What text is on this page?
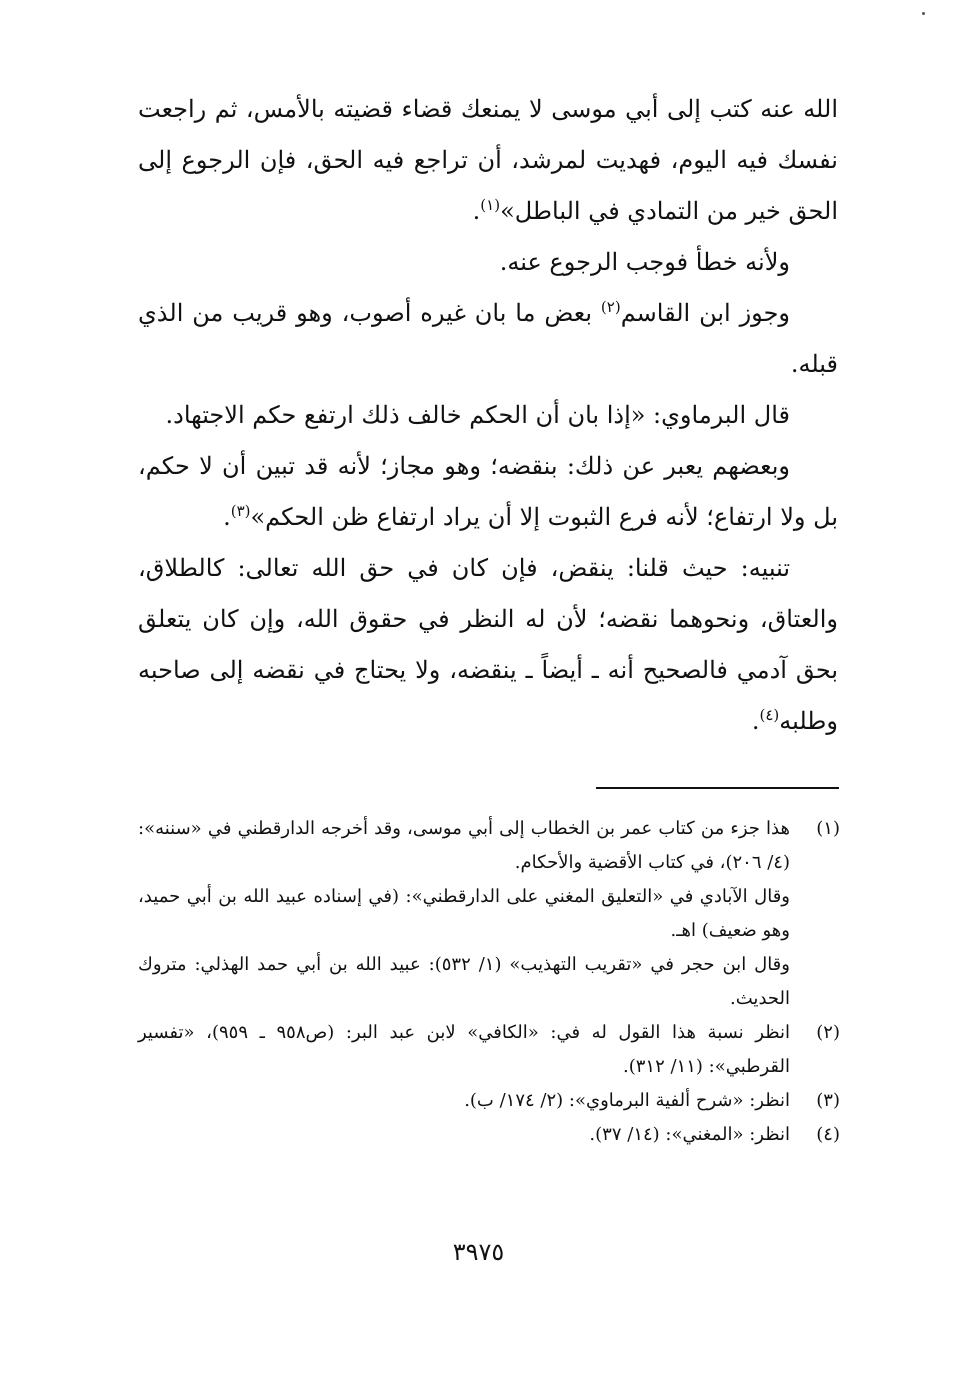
الله عنه كتب إلى أبي موسى لا يمنعك قضاء قضيته بالأمس، ثم راجعت نفسك فيه اليوم، فهديت لمرشد، أن تراجع فيه الحق، فإن الرجوع إلى الحق خير من التمادي في الباطل»$^{(١)}$.

ولأنه خطأ فوجب الرجوع عنه.

وجوز ابن القاسم$^{(٢)}$ بعض ما بان غيره أصوب، وهو قريب من الذي قبله.

قال البرماوي: «إذا بان أن الحكم خالف ذلك ارتفع حكم الاجتهاد.

وبعضهم يعبر عن ذلك: بنقضه؛ وهو مجاز؛ لأنه قد تبين أن لا حكم، بل ولا ارتفاع؛ لأنه فرع الثبوت إلا أن يراد ارتفاع ظن الحكم»$^{(٣)}$.

تنبيه: حيث قلنا: ينقض، فإن كان في حق الله تعالى: كالطلاق، والعتاق، ونحوهما نقضه؛ لأن له النظر في حقوق الله، وإن كان يتعلق بحق آدمي فالصحيح أنه ـ أيضاً ـ ينقضه، ولا يحتاج في نقضه إلى صاحبه وطلبه$^{(٤)}$.

(١)

هذا جزء من كتاب عمر بن الخطاب إلى أبي موسى، وقد أخرجه الدارقطني في «سننه»: (٤/ ٢٠٦)، في كتاب الأقضية والأحكام.

وقال الآبادي في «التعليق المغني على الدارقطني»: (في إسناده عبيد الله بن أبي حميد، وهو ضعيف) اهـ.

وقال ابن حجر في «تقريب التهذيب» (١/ ٥٣٢): عبيد الله بن أبي حمد الهذلي: متروك الحديث.

(٢)

انظر نسبة هذا القول له في: «الكافي» لابن عبد البر: (ص٩٥٨ ـ ٩٥٩)، «تفسير القرطبي»: (١١/ ٣١٢).

(٣)

انظر: «شرح ألفية البرماوي»: (٢/ ١٧٤/ ب).

(٤)

انظر: «المغني»: (١٤/ ٣٧).

٣٩٧٥
